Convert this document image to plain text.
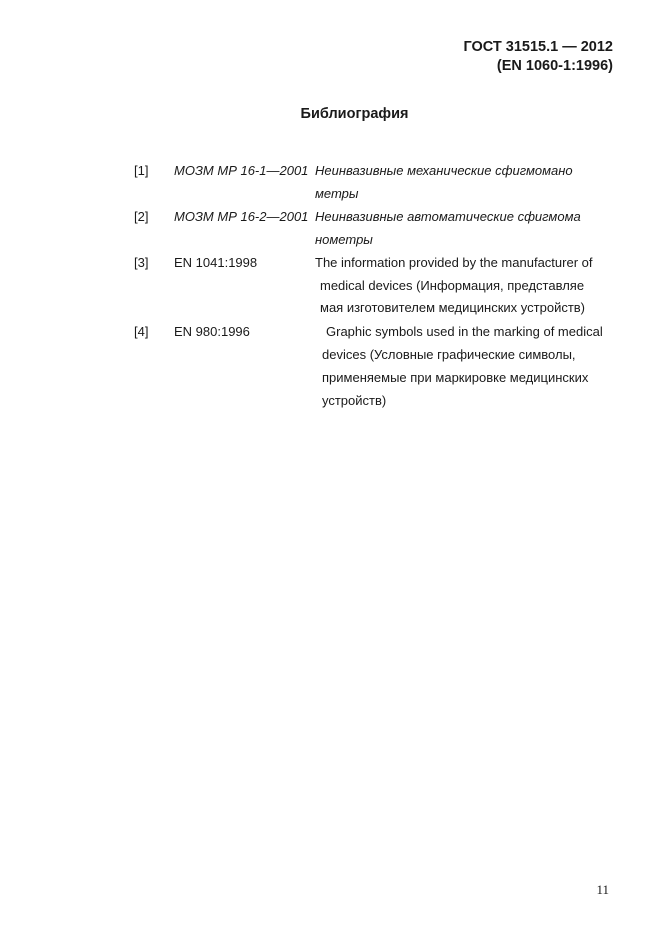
ГОСТ 31515.1 — 2012
(EN 1060-1:1996)
Библиография
[1] МОЗМ МР 16-1—2001 Неинвазивные механические сфигмомано
метры
[2] МОЗМ МР 16-2—2001 Неинвазивные автоматические сфигмома
нометры
[3] EN 1041:1998	The information provided by the manufacturer of
medical devices (Информация, представляе
мая изготовителем медицинских устройств)
[4] EN 980:1996	Graphic symbols used in the marking of medical
devices (Условные графические символы,
применяемые при маркировке медицинских
устройств)
11
